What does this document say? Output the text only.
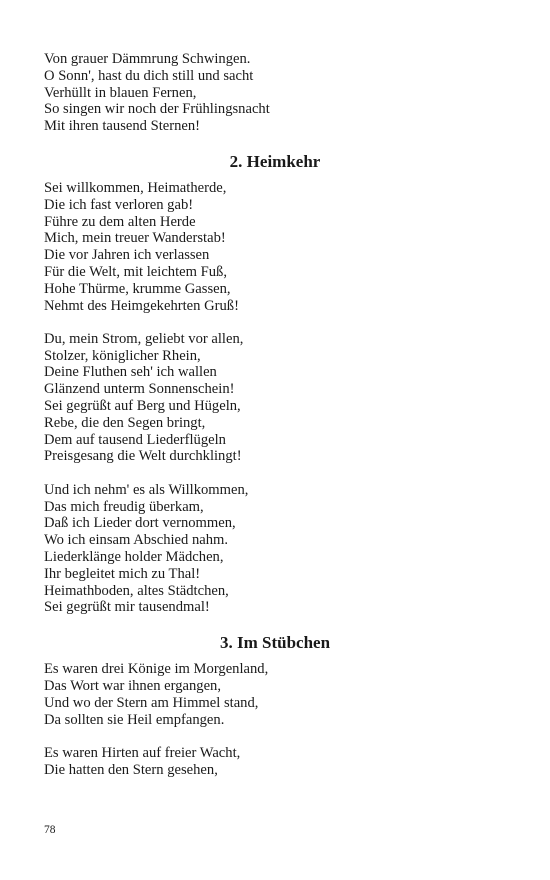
Von grauer Dämmrung Schwingen.
O Sonn', hast du dich still und sacht
Verhüllt in blauen Fernen,
So singen wir noch der Frühlingsnacht
Mit ihren tausend Sternen!
2. Heimkehr
Sei willkommen, Heimatherde,
Die ich fast verloren gab!
Führe zu dem alten Herde
Mich, mein treuer Wanderstab!
Die vor Jahren ich verlassen
Für die Welt, mit leichtem Fuß,
Hohe Thürme, krumme Gassen,
Nehmt des Heimgekehrten Gruß!
Du, mein Strom, geliebt vor allen,
Stolzer, königlicher Rhein,
Deine Fluthen seh' ich wallen
Glänzend unterm Sonnenschein!
Sei gegrüßt auf Berg und Hügeln,
Rebe, die den Segen bringt,
Dem auf tausend Liederflügeln
Preisgesang die Welt durchklingt!
Und ich nehm' es als Willkommen,
Das mich freudig überkam,
Daß ich Lieder dort vernommen,
Wo ich einsam Abschied nahm.
Liederklänge holder Mädchen,
Ihr begleitet mich zu Thal!
Heimathboden, altes Städtchen,
Sei gegrüßt mir tausendmal!
3. Im Stübchen
Es waren drei Könige im Morgenland,
Das Wort war ihnen ergangen,
Und wo der Stern am Himmel stand,
Da sollten sie Heil empfangen.
Es waren Hirten auf freier Wacht,
Die hatten den Stern gesehen,
78
